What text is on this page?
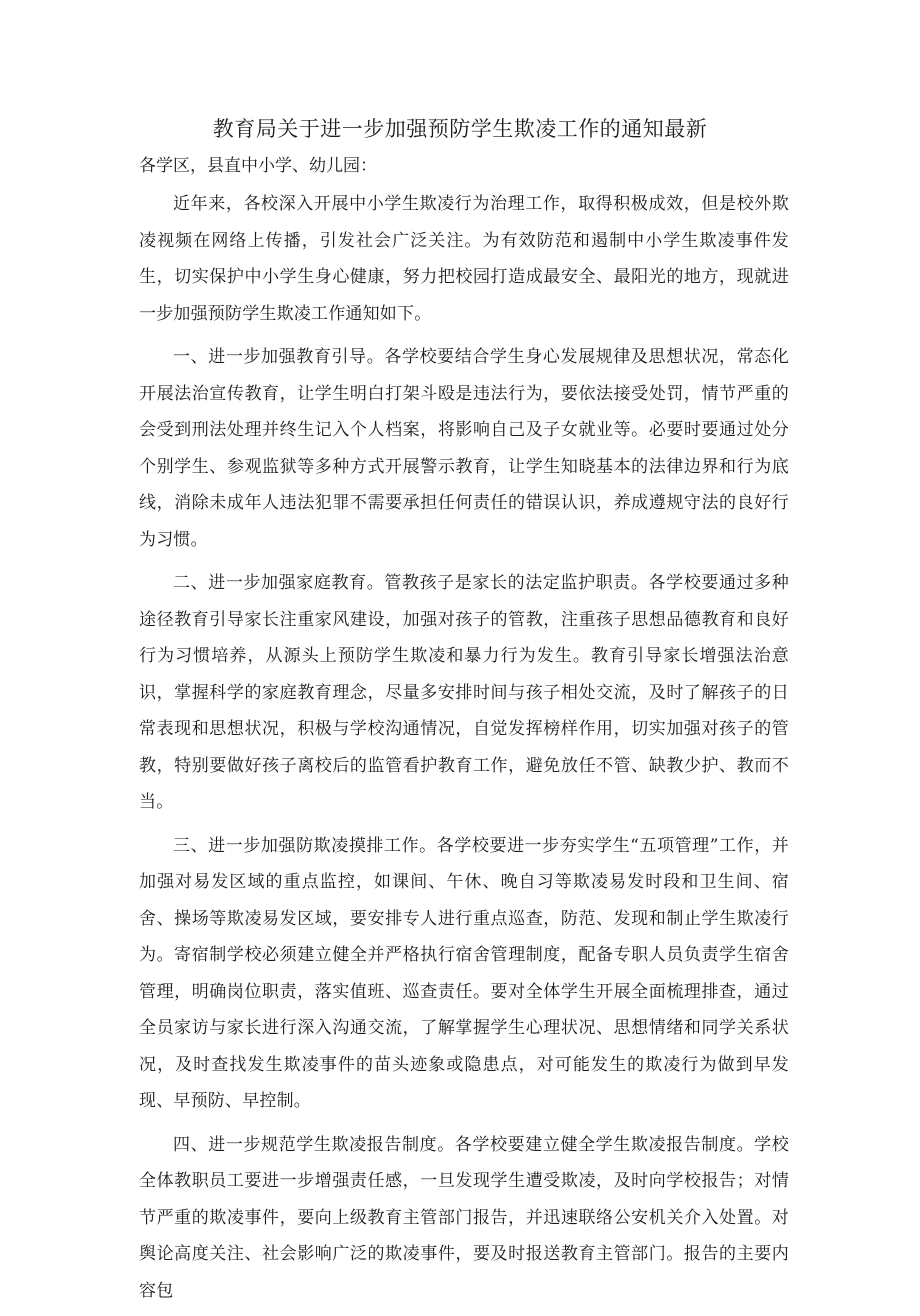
教育局关于进一步加强预防学生欺凌工作的通知最新

各学区，县直中小学、幼儿园：

近年来，各校深入开展中小学生欺凌行为治理工作，取得积极成效，但是校外欺凌视频在网络上传播，引发社会广泛关注。为有效防范和遏制中小学生欺凌事件发生，切实保护中小学生身心健康，努力把校园打造成最安全、最阳光的地方，现就进一步加强预防学生欺凌工作通知如下。

一、进一步加强教育引导。各学校要结合学生身心发展规律及思想状况，常态化开展法治宣传教育，让学生明白打架斗殴是违法行为，要依法接受处罚，情节严重的会受到刑法处理并终生记入个人档案，将影响自己及子女就业等。必要时要通过处分个别学生、参观监狱等多种方式开展警示教育，让学生知晓基本的法律边界和行为底线，消除未成年人违法犯罪不需要承担任何责任的错误认识，养成遵规守法的良好行为习惯。

二、进一步加强家庭教育。管教孩子是家长的法定监护职责。各学校要通过多种途径教育引导家长注重家风建设，加强对孩子的管教，注重孩子思想品德教育和良好行为习惯培养，从源头上预防学生欺凌和暴力行为发生。教育引导家长增强法治意识，掌握科学的家庭教育理念，尽量多安排时间与孩子相处交流，及时了解孩子的日常表现和思想状况，积极与学校沟通情况，自觉发挥榜样作用，切实加强对孩子的管教，特别要做好孩子离校后的监管看护教育工作，避免放任不管、缺教少护、教而不当。

三、进一步加强防欺凌摸排工作。各学校要进一步夯实学生“五项管理”工作，并加强对易发区域的重点监控，如课间、午休、晚自习等欺凌易发时段和卫生间、宿舍、操场等欺凌易发区域，要安排专人进行重点巡查，防范、发现和制止学生欺凌行为。寄宿制学校必须建立健全并严格执行宿舍管理制度，配备专职人员负责学生宿舍管理，明确岗位职责，落实值班、巡查责任。要对全体学生开展全面梳理排查，通过全员家访与家长进行深入沟通交流，了解掌握学生心理状况、思想情绪和同学关系状况，及时查找发生欺凌事件的苗头迹象或隐患点，对可能发生的欺凌行为做到早发现、早预防、早控制。

四、进一步规范学生欺凌报告制度。各学校要建立健全学生欺凌报告制度。学校全体教职员工要进一步增强责任感，一旦发现学生遭受欺凌，及时向学校报告；对情节严重的欺凌事件，要向上级教育主管部门报告，并迅速联络公安机关介入处置。对舆论高度关注、社会影响广泛的欺凌事件，要及时报送教育主管部门。报告的主要内容包
